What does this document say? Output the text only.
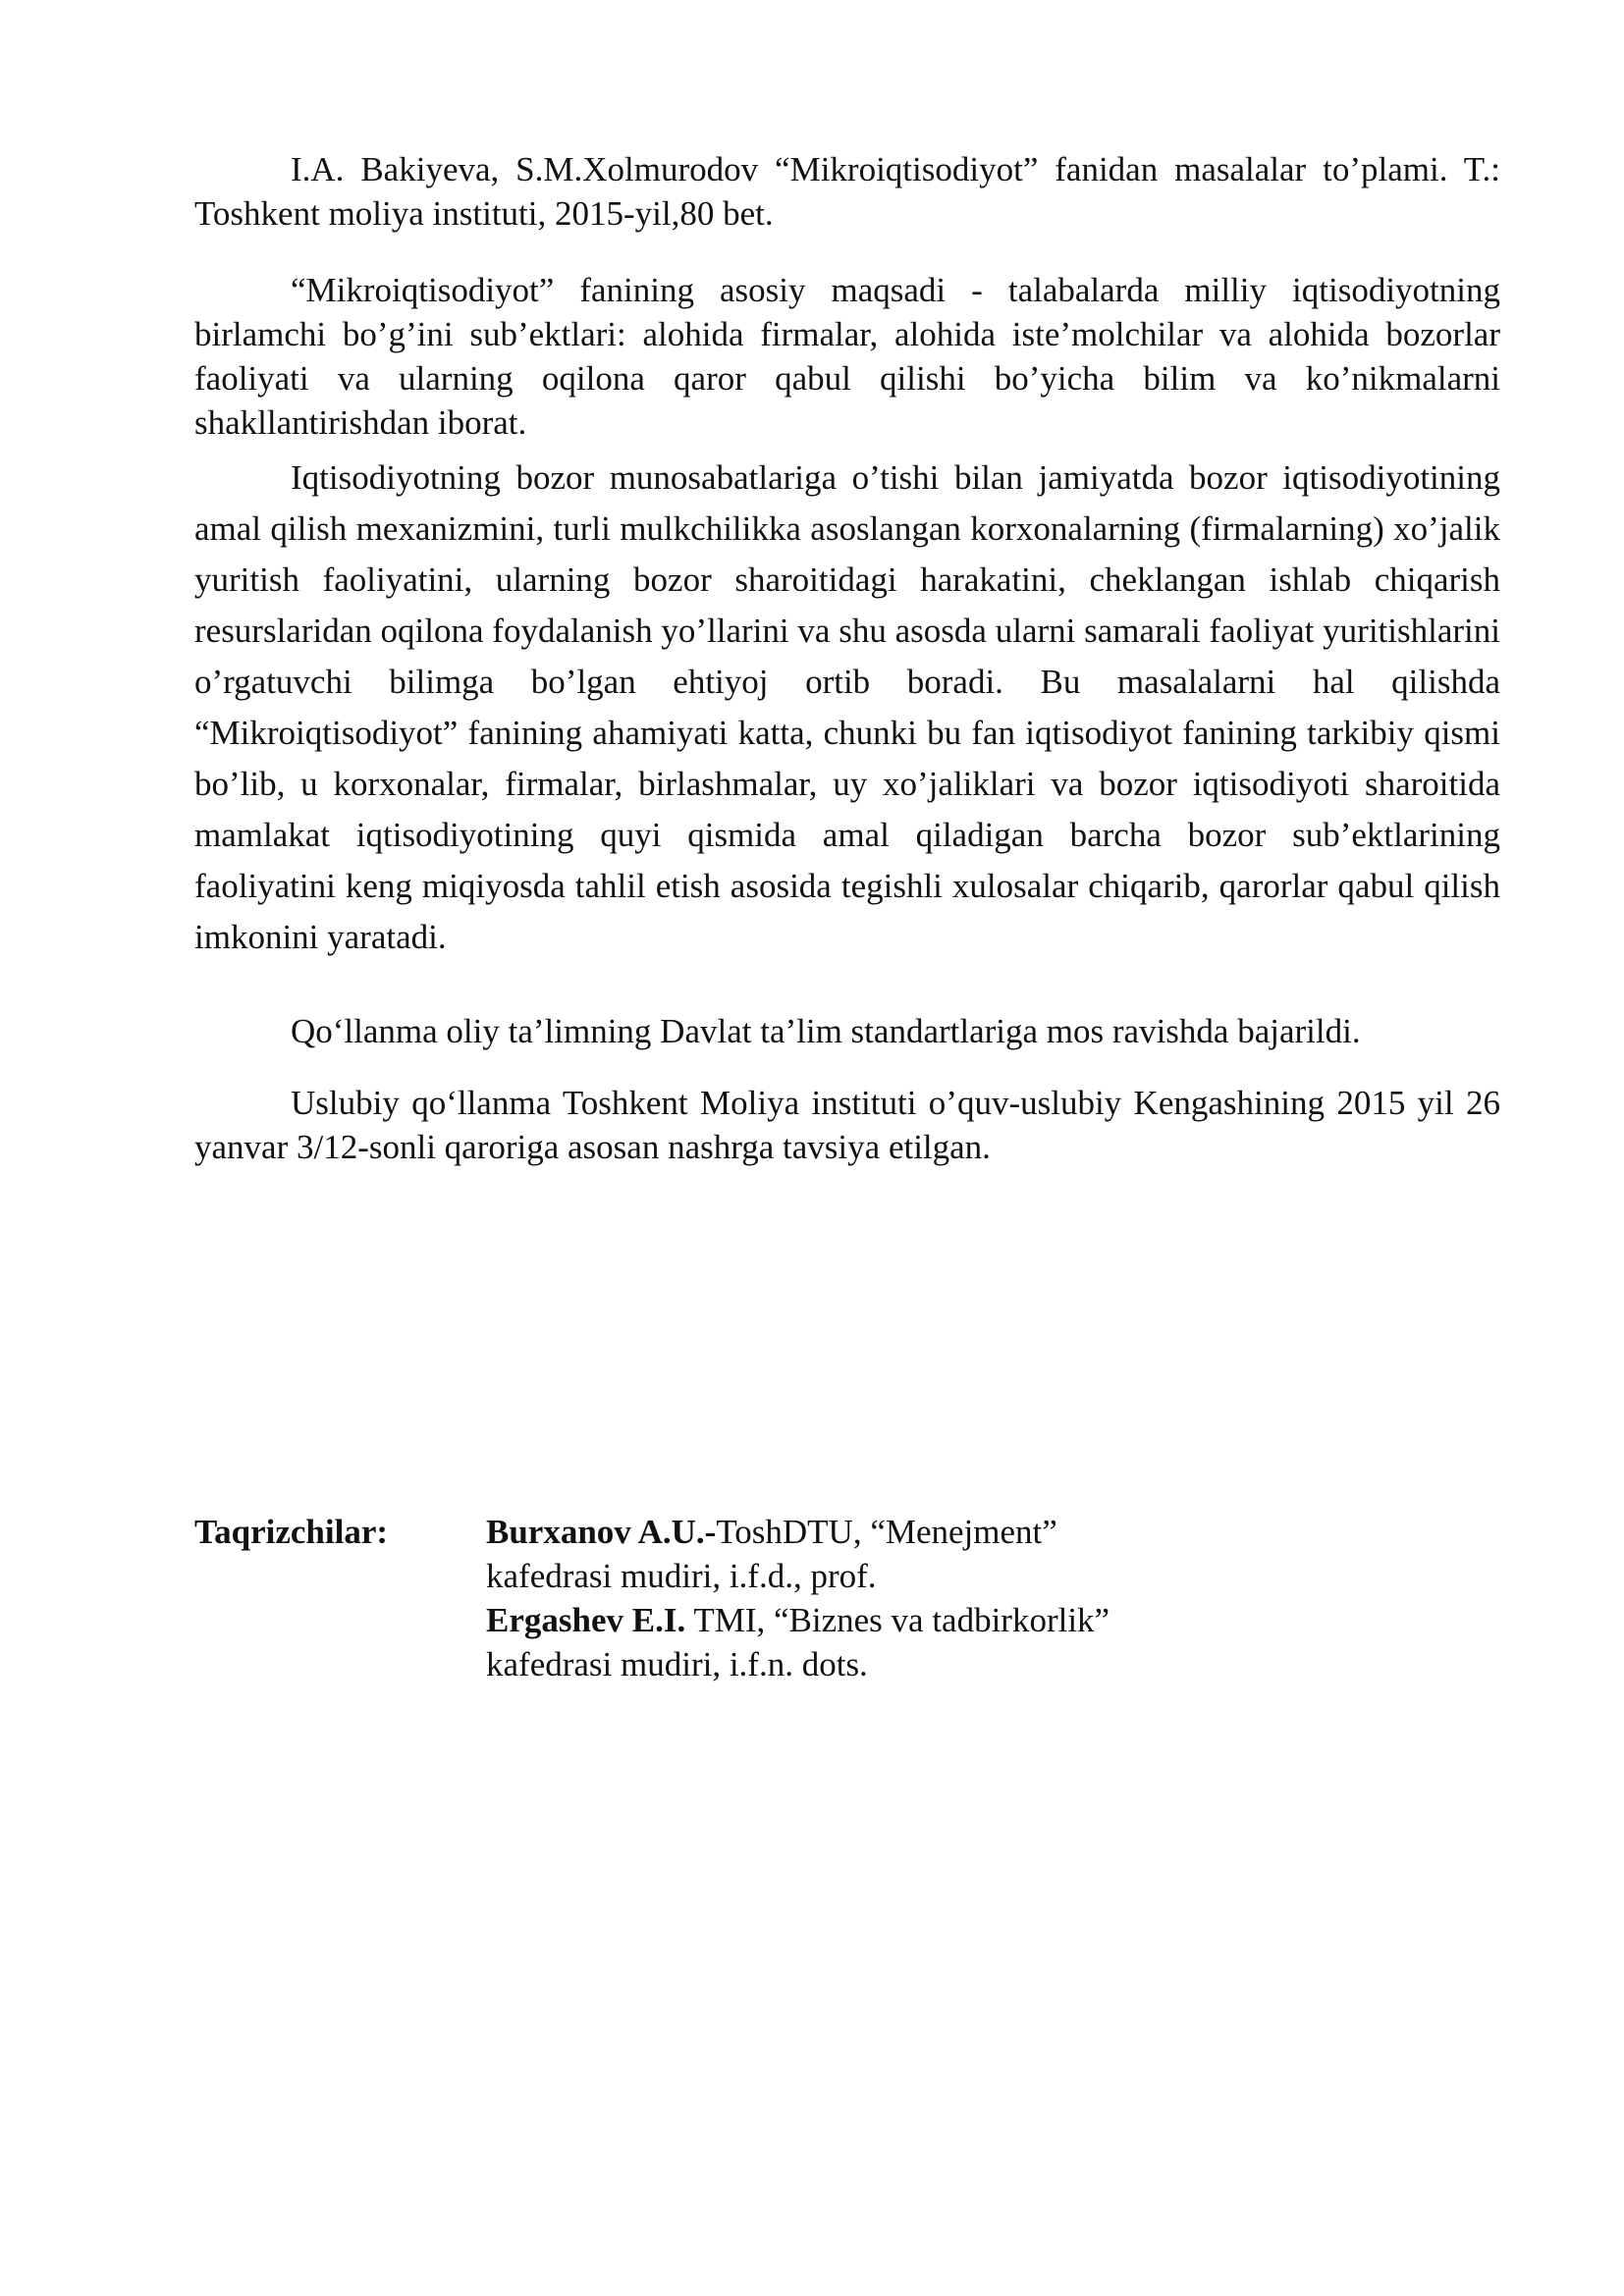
I.A. Bakiyeva, S.M.Xolmurodov “Mikroiqtisodiyot” fanidan masalalar to’plami. T.: Toshkent moliya instituti, 2015-yil,80 bet.

“Mikroiqtisodiyot” fanining asosiy maqsadi - talabalarda milliy iqtisodiyotning birlamchi bo’g’ini sub’ektlari: alohida firmalar, alohida iste’molchilar va alohida bozorlar faoliyati va ularning oqilona qaror qabul qilishi bo’yicha bilim va ko’nikmalarni shakllantirishdan iborat.

Iqtisodiyotning bozor munosabatlariga o’tishi bilan jamiyatda bozor iqtisodiyotining amal qilish mexanizmini, turli mulkchilikka asoslangan korxonalarning (firmalarning) xo’jalik yuritish faoliyatini, ularning bozor sharoitidagi harakatini, cheklangan ishlab chiqarish resurslaridan oqilona foydalanish yo’llarini va shu asosda ularni samarali faoliyat yuritishlarini o’rgatuvchi bilimga bo’lgan ehtiyoj ortib boradi. Bu masalalarni hal qilishda “Mikroiqtisodiyot” fanining ahamiyati katta, chunki bu fan iqtisodiyot fanining tarkibiy qismi bo’lib, u korxonalar, firmalar, birlashmalar, uy xo’jaliklari va bozor iqtisodiyoti sharoitida mamlakat iqtisodiyotining quyi qismida amal qiladigan barcha bozor sub’ektlarining faoliyatini keng miqiyosda tahlil etish asosida tegishli xulosalar chiqarib, qarorlar qabul qilish imkonini yaratadi.

Qo‘llanma oliy ta’limning Davlat ta’lim standartlariga mos ravishda bajarildi.

Uslubiy qo‘llanma Toshkent Moliya instituti o’quv-uslubiy Kengashining 2015 yil 26 yanvar 3/12-sonli qaroriga asosan nashrga tavsiya etilgan.

Taqrizchilar:	Burxanov A.U.-ToshDTU, “Menejment”
kafedrasi mudiri, i.f.d., prof.
Ergashev E.I. TMI, “Biznes va tadbirkorlik”
kafedrasi mudiri, i.f.n. dots.
